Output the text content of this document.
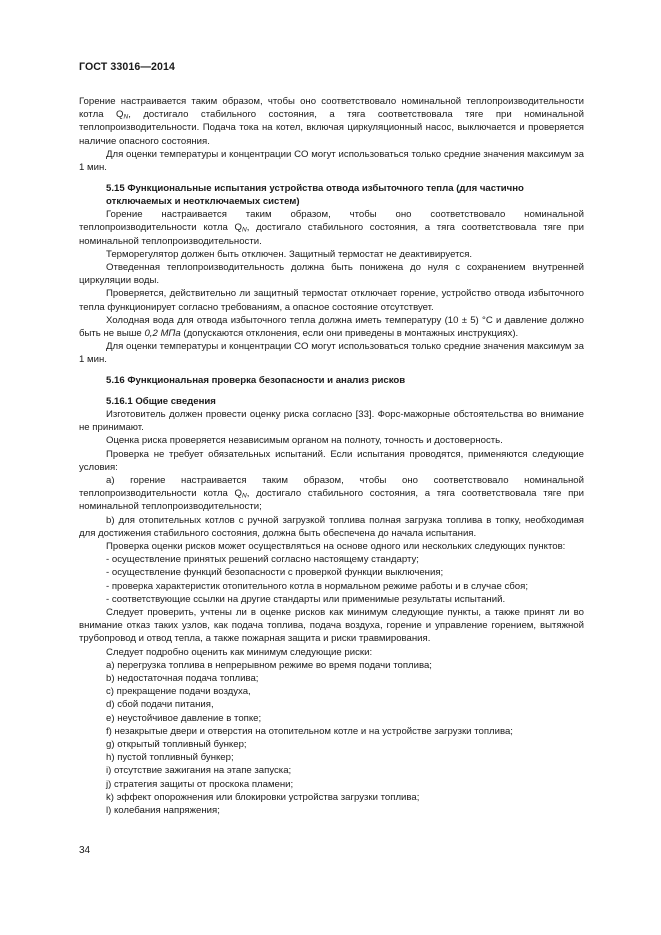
ГОСТ 33016—2014

Горение настраивается таким образом, чтобы оно соответствовало номинальной теплопроизводительности котла $Q_N$, достигало стабильного состояния, а тяга соответствовала тяге при номинальной теплопроизводительности. Подача тока на котел, включая циркуляционный насос, выключается и проверяется наличие опасного состояния.

Для оценки температуры и концентрации CO могут использоваться только средние значения максимум за 1 мин.

5.15 Функциональные испытания устройства отвода избыточного тепла (для частично отключаемых и неотключаемых систем)

Горение настраивается таким образом, чтобы оно соответствовало номинальной теплопроизводительности котла $Q_N$, достигало стабильного состояния, а тяга соответствовала тяге при номинальной теплопроизводительности.

Терморегулятор должен быть отключен. Защитный термостат не деактивируется.

Отведенная теплопроизводительность должна быть понижена до нуля с сохранением внутренней циркуляции воды.

Проверяется, действительно ли защитный термостат отключает горение, устройство отвода избыточного тепла функционирует согласно требованиям, а опасное состояние отсутствует.

Холодная вода для отвода избыточного тепла должна иметь температуру (10 ± 5) °C и давление должно быть не выше 0,2 МПа (допускаются отклонения, если они приведены в монтажных инструкциях).

Для оценки температуры и концентрации CO могут использоваться только средние значения максимум за 1 мин.

5.16 Функциональная проверка безопасности и анализ рисков

5.16.1 Общие сведения

Изготовитель должен провести оценку риска согласно [33]. Форс-мажорные обстоятельства во внимание не принимают.

Оценка риска проверяется независимым органом на полноту, точность и достоверность.

Проверка не требует обязательных испытаний. Если испытания проводятся, применяются следующие условия:

а) горение настраивается таким образом, чтобы оно соответствовало номинальной теплопроизводительности котла $Q_N$, достигало стабильного состояния, а тяга соответствовала тяге при номинальной теплопроизводительности;

b) для отопительных котлов с ручной загрузкой топлива полная загрузка топлива в топку, необходимая для достижения стабильного состояния, должна быть обеспечена до начала испытания.

Проверка оценки рисков может осуществляться на основе одного или нескольких следующих пунктов:

- осуществление принятых решений согласно настоящему стандарту;

- осуществление функций безопасности с проверкой функции выключения;

- проверка характеристик отопительного котла в нормальном режиме работы и в случае сбоя;

- соответствующие ссылки на другие стандарты или применимые результаты испытаний.

Следует проверить, учтены ли в оценке рисков как минимум следующие пункты, а также принят ли во внимание отказ таких узлов, как подача топлива, подача воздуха, горение и управление горением, вытяжной трубопровод и отвод тепла, а также пожарная защита и риски травмирования.

Следует подробно оценить как минимум следующие риски:

a) перегрузка топлива в непрерывном режиме во время подачи топлива;

b) недостаточная подача топлива;

c) прекращение подачи воздуха,

d) сбой подачи питания,

e) неустойчивое давление в топке;

f) незакрытые двери и отверстия на отопительном котле и на устройстве загрузки топлива;

g) открытый топливный бункер;

h) пустой топливный бункер;

i) отсутствие зажигания на этапе запуска;

j) стратегия защиты от проскока пламени;

k) эффект опорожнения или блокировки устройства загрузки топлива;

l) колебания напряжения;

34
